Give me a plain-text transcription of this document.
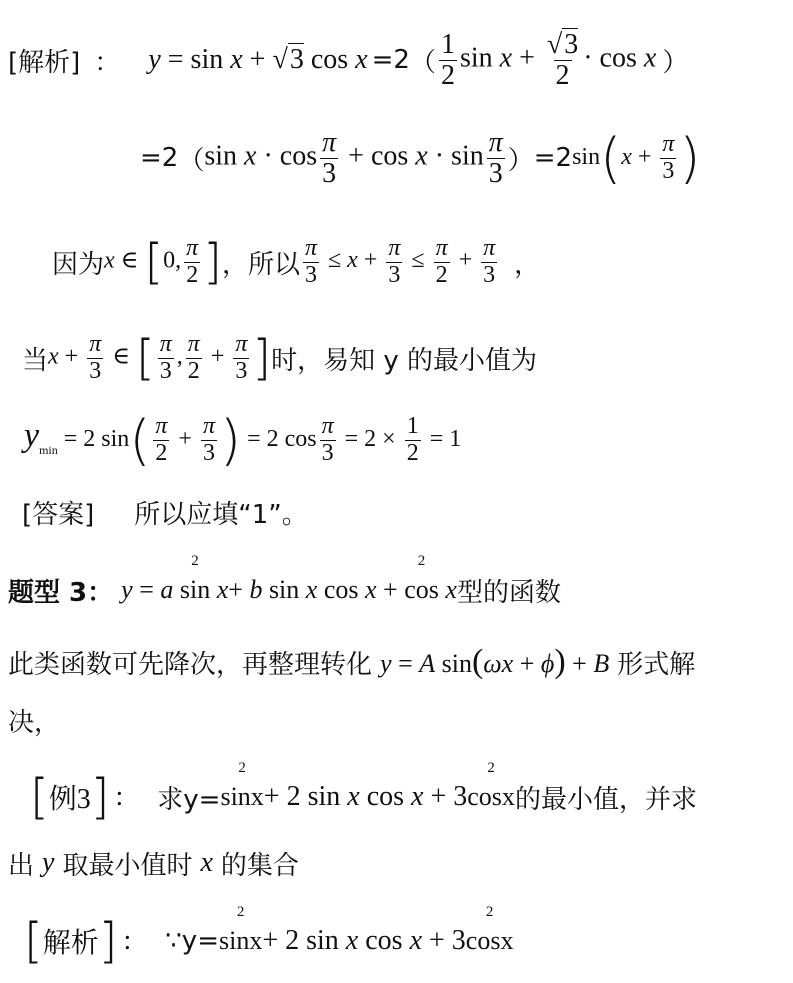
[解析] ： y = sin x + √3 cos x =2 （ $\frac{1}{2}$ $\sin x + \frac{√3}{2} \cdot \cos x$ ）
=2 （ $\sin x \cdot \cos \frac{\pi}{3} + \cos x \cdot \sin \frac{\pi}{3}$ ） =2 $\sin(x + \frac{\pi}{3}$ )
因为 x ∈ [0, $\frac{\pi}{2}$ ] ，所以 $\frac{\pi}{3} \le x + \frac{\pi}{3} \le \frac{\pi}{2} + \frac{\pi}{3}$ ，
当 $x + \frac{\pi}{3}$ ∈ [ $\frac{\pi}{3}$ , $\frac{\pi}{2} + \frac{\pi}{3}$ ] 时，易知 y 的最小值为
$y_{min} = 2$ $\sin( \frac{\pi}{2} + \frac{\pi}{3}$ ) = 2 $\cos \frac{\pi}{3} = 2 \times \frac{1}{2} = 1$
[答案] 所以应填“1”。
题型 3： y = a sin
2
x+ b sin x cos x + cos
2
x 型的函数
此类函数可先降次，再整理转化 y = A sin(ωx + ϕ) + B 形式解
决，
[ 例3 ] : 求y= sinx
2
+ 2 sin x cos x + 3 cosx
2
的最小值，并求
出 y 取最小值时 x 的集合
[ 解析 ] : ∵y= sinx
2
+ 2 sin x cos x + 3 cosx
2
